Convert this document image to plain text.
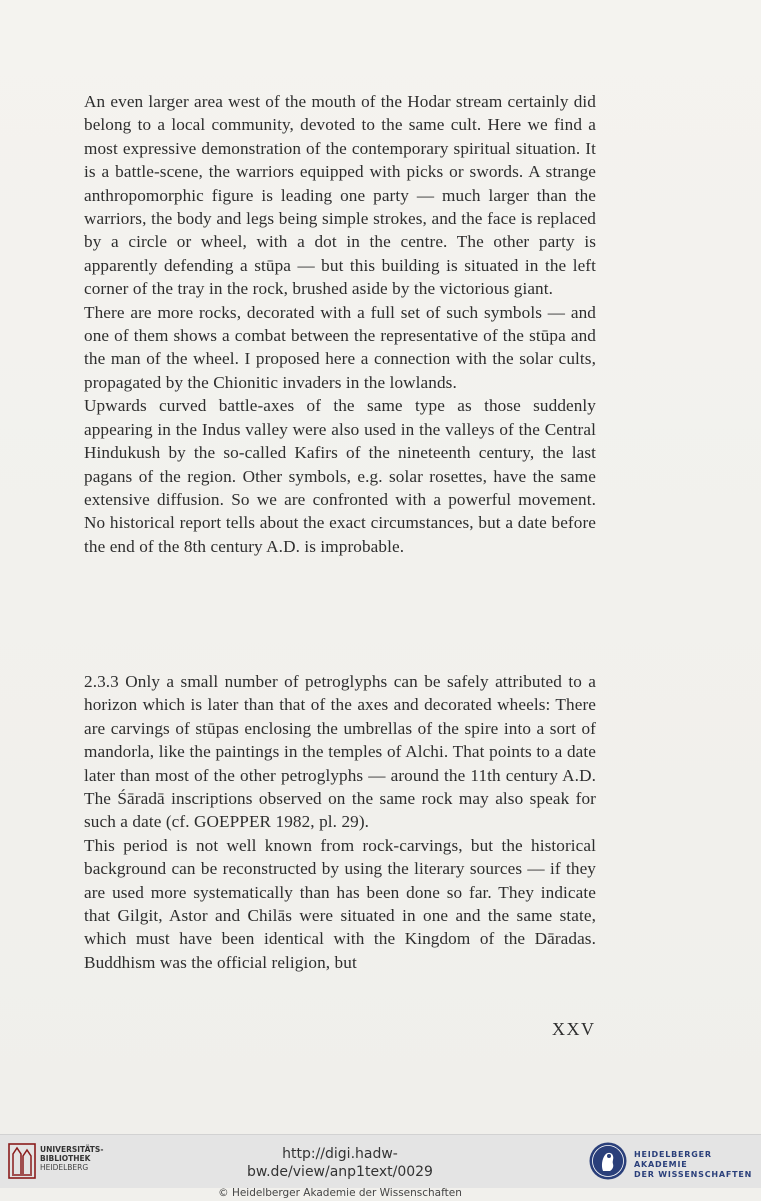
An even larger area west of the mouth of the Hodar stream certainly did belong to a local community, devoted to the same cult. Here we find a most expressive demonstration of the contemporary spiritual situation. It is a battle-scene, the warriors equipped with picks or swords. A strange anthropomorphic figure is leading one party — much larger than the warriors, the body and legs being simple strokes, and the face is replaced by a circle or wheel, with a dot in the centre. The other party is apparently defending a stūpa — but this building is situated in the left corner of the tray in the rock, brushed aside by the victorious giant.

There are more rocks, decorated with a full set of such symbols — and one of them shows a combat between the representative of the stūpa and the man of the wheel. I proposed here a connection with the solar cults, propagated by the Chionitic invaders in the lowlands.

Upwards curved battle-axes of the same type as those suddenly appearing in the Indus valley were also used in the valleys of the Central Hindukush by the so-called Kafirs of the nineteenth century, the last pagans of the region. Other symbols, e.g. solar rosettes, have the same extensive diffusion. So we are confronted with a powerful movement. No historical report tells about the exact circumstances, but a date before the end of the 8th century A.D. is improbable.

2.3.3 Only a small number of petroglyphs can be safely attributed to a horizon which is later than that of the axes and decorated wheels: There are carvings of stūpas enclosing the umbrellas of the spire into a sort of mandorla, like the paintings in the temples of Alchi. That points to a date later than most of the other petroglyphs — around the 11th century A.D. The Śāradā inscriptions observed on the same rock may also speak for such a date (cf. GOEPPER 1982, pl. 29).

This period is not well known from rock-carvings, but the historical background can be reconstructed by using the literary sources — if they are used more systematically than has been done so far. They indicate that Gilgit, Astor and Chilās were situated in one and the same state, which must have been identical with the Kingdom of the Dāradas. Buddhism was the official religion, but

XXV
UNIVERSITÄTS-
BIBLIOTHEK
HEIDELBERG
http://digi.hadw-bw.de/view/anp1text/0029
© Heidelberger Akademie der Wissenschaften
HEIDELBERGER AKADEMIE
DER WISSENSCHAFTEN
